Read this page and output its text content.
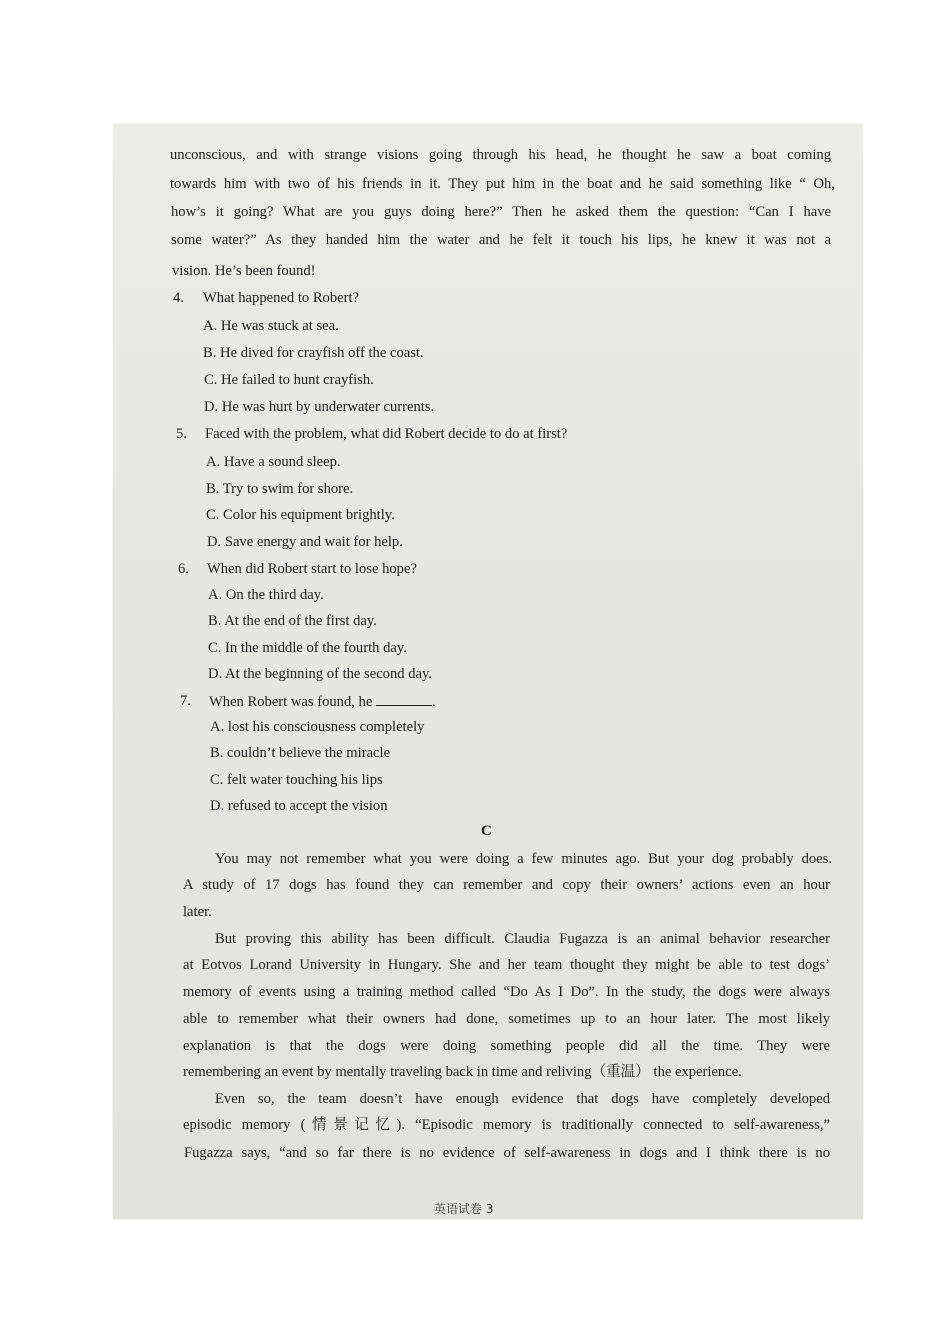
unconscious, and with strange visions going through his head, he thought he saw a boat coming
towards him with two of his friends in it. They put him in the boat and he said something like “ Oh,
how’s it going? What are you guys doing here?” Then he asked them the question: “Can I have
some water?” As they handed him the water and he felt it touch his lips, he knew it was not a
vision. He’s been found!
4. What happened to Robert?
A. He was stuck at sea.
B. He dived for crayfish off the coast.
C. He failed to hunt crayfish.
D. He was hurt by underwater currents.
5. Faced with the problem, what did Robert decide to do at first?
A. Have a sound sleep.
B. Try to swim for shore.
C. Color his equipment brightly.
D. Save energy and wait for help.
6. When did Robert start to lose hope?
A. On the third day.
B. At the end of the first day.
C. In the middle of the fourth day.
D. At the beginning of the second day.
7. When Robert was found, he	.
A. lost his consciousness completely
B. couldn’t believe the miracle
C. felt water touching his lips
D. refused to accept the vision
C
You may not remember what you were doing a few minutes ago. But your dog probably does.
A study of 17 dogs has found they can remember and copy their owners’ actions even an hour
later.
But proving this ability has been difficult. Claudia Fugazza is an animal behavior researcher
at Eotvos Lorand University in Hungary. She and her team thought they might be able to test dogs’
memory of events using a training method called “Do As I Do”. In the study, the dogs were always
able to remember what their owners had done, sometimes up to an hour later. The most likely
explanation is that the dogs were doing something people did all the time. They were
remembering an event by mentally traveling back in time and reliving（重温） the experience.
Even so, the team doesn’t have enough evidence that dogs have completely developed
episodic memory (情景记忆). “Episodic memory is traditionally connected to self-awareness,”
Fugazza says, “and so far there is no evidence of self-awareness in dogs and I think there is no
英语试卷 3
